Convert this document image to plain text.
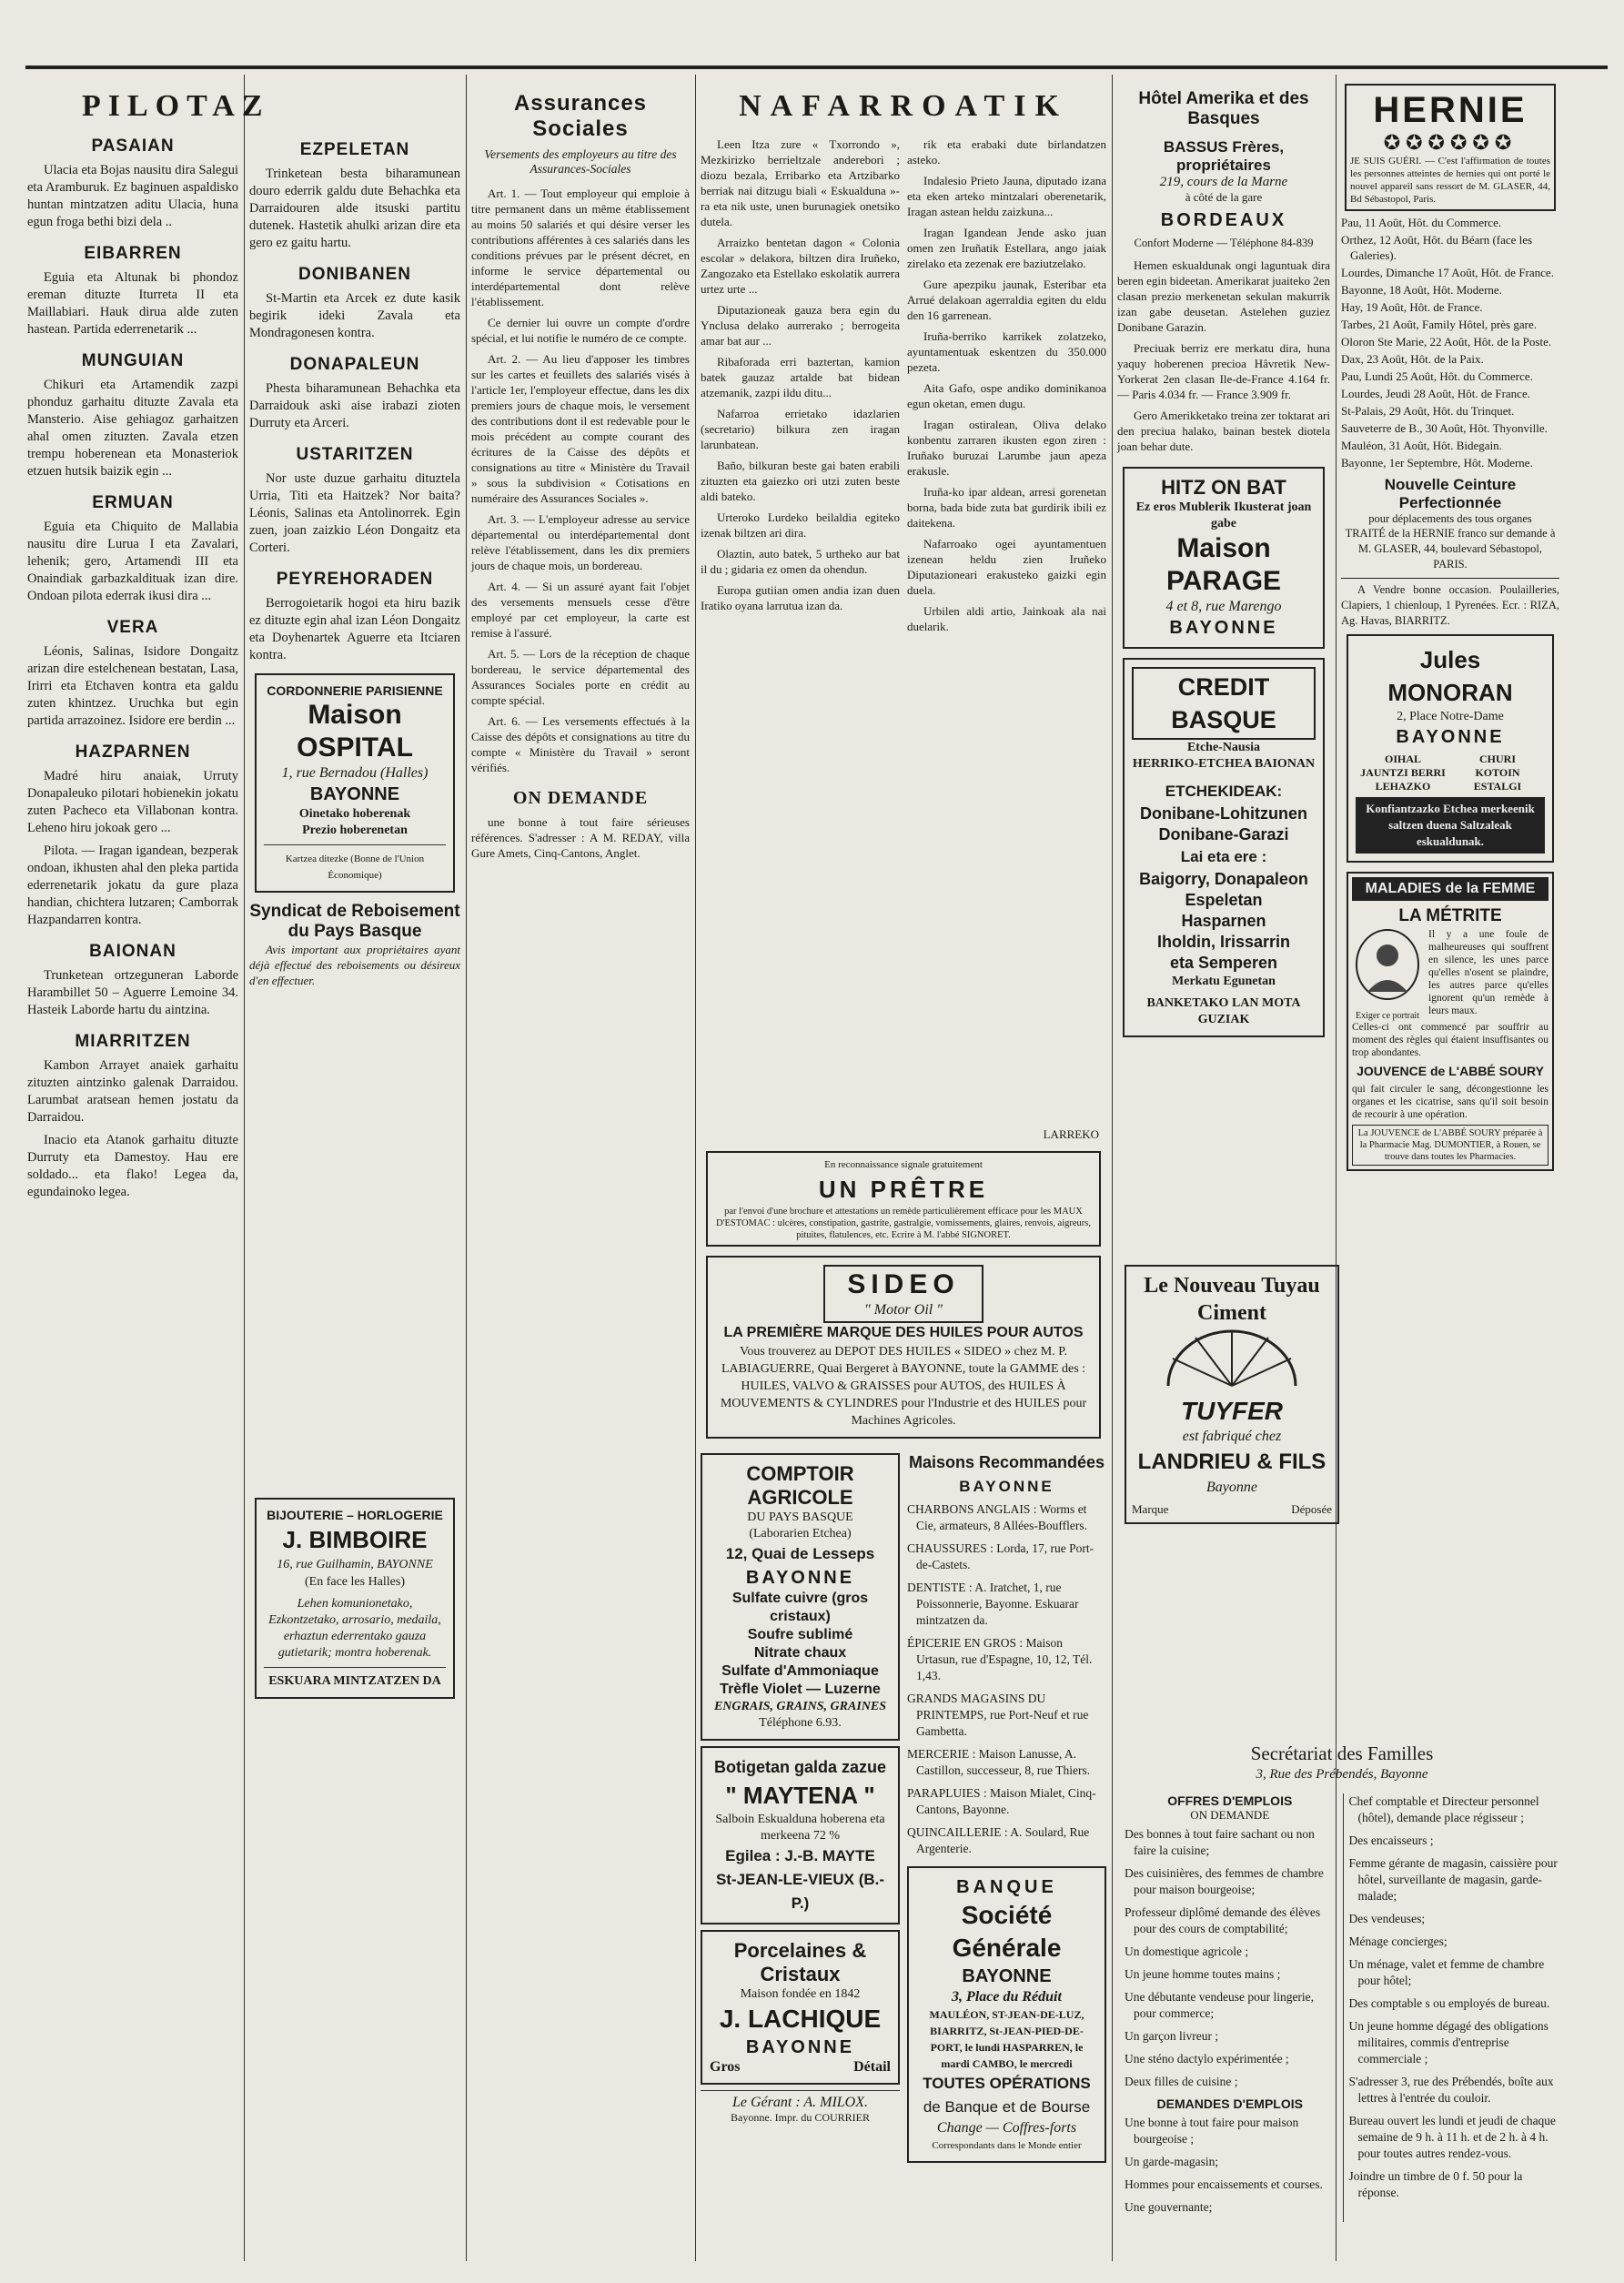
PILOTAZ
PASAIAN

Ulacia eta Bojas nausitu dira Salegui eta Aramburuk. Ez baginuen aspaldisko huntan mintzatzen aditu Ulacia, huna egun froga bethi bizi dela ..

EIBARREN

Eguia eta Altunak bi phondoz ereman dituzte Iturreta II eta Maillabiari. Hauk dirua alde zuten hastean. Partida ederrenetarik ...

MUNGUIAN

Chikuri eta Artamendik zazpi phonduz garhaitu dituzte Zavala eta Mansterio. Aise gehiagoz garhaitzen ahal omen zituzten. Zavala etzen trempu hoberenean eta Monasteriok etzuen hutsik baizik egin ...

ERMUAN

Eguia eta Chiquito de Mallabia nausitu dire Lurua I eta Zavalari, lehenik; gero, Artamendi III eta Onaindiak garbazkaldituak izan dire. Ondoan pilota ederrak ikusi dira ...

VERA

Léonis, Salinas, Isidore Dongaitz arizan dire estelchenean bestatan, Lasa, Irirri eta Etchaven kontra eta galdu zuten khintzez. Uruchka but egin partida arrazoinez. Isidore ere berdin ...

HAZPARNEN

Madré hiru anaiak, Urruty Donapaleuko pilotari hobienekin jokatu zuten Pacheco eta Villabonan kontra. Leheno hiru jokoak gero ...

Pilota. — Iragan igandean, bezperak ondoan, ikhusten ahal den pleka partida ederrenetarik jokatu da gure plaza handian, chichtera lutzaren; Camborrak Hazpandarren kontra.

BAIONAN

Trunketean ortzeguneran Laborde Harambillet 50 – Aguerre Lemoine 34. Hasteik Laborde hartu du aintzina.

MIARRITZEN

Kambon Arrayet anaiek garhaitu zituzten aintzinko galenak Darraidou. Larumbat aratsean hemen jostatu da Darraidou.

Inacio eta Atanok garhaitu dituzte Durruty eta Damestoy. Hau ere soldado... eta flako! Legea da, egundainoko legea.

EZPELETAN

Trinketean besta biharamunean douro ederrik galdu dute Behachka eta Darraidouren alde itsuski partitu dutenek. Hastetik ahulki arizan dire eta gero ez gaitu hartu.

DONIBANEN

St-Martin eta Arcek ez dute kasik begirik ideki Zavala eta Mondragonesen kontra.

DONAPALEUN

Phesta biharamunean Behachka eta Darraidouk aski aise irabazi zioten Durruty eta Arceri.

USTARITZEN

Nor uste duzue garhaitu dituztela Urria, Titi eta Haitzek? Nor baita? Léonis, Salinas eta Antolinorrek. Egin zuen, joan zaizkio Léon Dongaitz eta Corteri.

PEYREHORADEN

Berrogoietarik hogoi eta hiru bazik ez dituzte egin ahal izan Léon Dongaitz eta Doyhenartek Aguerre eta Itciaren kontra.

CORDONNERIE PARISIENNE
Maison OSPITAL
1, rue Bernadou (Halles)
BAYONNE
Oinetako hoberenak
Prezio hoberenetan
Kartzea ditezke (Bonne de l'Union Économique)
Syndicat de Reboisement du Pays Basque

Avis important aux propriétaires ayant déjà effectué des reboisements ou désireux d'en effectuer.

BIJOUTERIE – HORLOGERIE
J. BIMBOIRE
16, rue Guilhamin, BAYONNE
(En face les Halles)
Lehen komunionetako, Ezkontzetako, arrosario, medaila, erhaztun ederrentako gauza gutietarik; montra hoberenak.
ESKUARA MINTZATZEN DA
Assurances Sociales
Versements des employeurs au titre des Assurances-Sociales

Art. 1. — Tout employeur qui emploie à titre permanent dans un même établissement au moins 50 salariés et qui désire verser les contributions afférentes à ces salariés dans les conditions prévues par le présent décret, en informe le service départemental ou interdépartemental dont relève l'établissement.

Ce dernier lui ouvre un compte d'ordre spécial, et lui notifie le numéro de ce compte.

Art. 2. — Au lieu d'apposer les timbres sur les cartes et feuillets des salariés visés à l'article 1er, l'employeur effectue, dans les dix premiers jours de chaque mois, le versement des contributions dont il est redevable pour le mois précédent au compte courant des écritures de la Caisse des dépôts et consignations au titre « Ministère du Travail » sous la subdivision « Cotisations en numéraire des Assurances Sociales ».

Art. 3. — L'employeur adresse au service départemental ou interdépartemental dont relève l'établissement, dans les dix premiers jours de chaque mois, un bordereau.

Art. 4. — Si un assuré ayant fait l'objet des versements mensuels cesse d'être employé par cet employeur, la carte est remise à l'assuré.

Art. 5. — Lors de la réception de chaque bordereau, le service départemental des Assurances Sociales porte en crédit au compte spécial.

Art. 6. — Les versements effectués à la Caisse des dépôts et consignations au titre du compte « Ministère du Travail » seront vérifiés.

ON DEMANDE

une bonne à tout faire sérieuses références. S'adresser : A M. REDAY, villa Gure Amets, Cinq-Cantons, Anglet.

NAFARROATIK

Leen Itza zure « Txorrondo », Mezkirizko berrieltzale anderebori ; diozu bezala, Erribarko eta Artzibarko berriak nai ditzugu biali « Eskualduna »-ra eta nik uste, unen burunagiek onetsiko dutela.

Arraizko bentetan dagon « Colonia escolar » delakora, biltzen dira Iruñeko, Zangozako eta Estellako eskolatik aurrera urtez urte ...

Diputazioneak gauza bera egin du Ynclusa delako aurrerako ; berrogeita amar bat aur ...

Ribaforada erri baztertan, kamion batek gauzaz artalde bat bidean atzemanik, zazpi ildu ditu...

Nafarroa errietako idazlarien (secretario) bilkura zen iragan larunbatean.

Baño, bilkuran beste gai baten erabili zituzten eta gaiezko ori utzi zuten beste aldi bateko.

Urteroko Lurdeko beilaldia egiteko izenak biltzen ari dira.

Olaztin, auto batek, 5 urtheko aur bat il du ; gidaria ez omen da ohendun.

Europa gutiian omen andia izan duen Iratiko oyana larrutua izan da.

rik eta erabaki dute birlandatzen asteko.

Indalesio Prieto Jauna, diputado izana eta eken arteko mintzalari oberenetarik, Iragan astean heldu zaizkuna...

Iragan Igandean Jende asko juan omen zen Iruñatik Estellara, ango jaiak zirelako eta zezenak ere baziutzelako.

Gure apezpiku jaunak, Esteribar eta Arrué delakoan agerraldia egiten du eldu den 16 garrenean.

Iruña-berriko karrikek zolatzeko, ayuntamentuak eskentzen du 350.000 pezeta.

Aita Gafo, ospe andiko dominikanoa egun oketan, emen dugu.

Iragan ostiralean, Oliva delako konbentu zarraren ikusten egon ziren : Iruñako buruzai Larumbe jaun apeza erakusle.

Iruña-ko ipar aldean, arresi gorenetan borna, bada bide zuta bat gurdirik ibili ez daitekena.

Nafarroako ogei ayuntamentuen izenean heldu zien Iruñeko Diputazioneari erakusteko gaizki egin duela.

Urbilen aldi artio, Jainkoak ala nai duelarik.

LARREKO
En reconnaissance signale gratuitement
UN PRÊTRE
par l'envoi d'une brochure et attestations un remède particulièrement efficace pour les MAUX D'ESTOMAC : ulcères, constipation, gastrite, gastralgie, vomissements, glaires, renvois, aigreurs, pituites, flatulences, etc. Ecrire à M. l'abbé SIGNORET.
SIDEO
" Motor Oil "
LA PREMIÈRE MARQUE DES HUILES POUR AUTOS
Vous trouverez au DEPOT DES HUILES « SIDEO » chez M. P. LABIAGUERRE, Quai Bergeret à BAYONNE, toute la GAMME des : HUILES, VALVO & GRAISSES pour AUTOS, des HUILES À MOUVEMENTS & CYLINDRES pour l'Industrie et des HUILES pour Machines Agricoles.
COMPTOIR AGRICOLE
DU PAYS BASQUE
(Laborarien Etchea)
12, Quai de Lesseps
BAYONNE
Sulfate cuivre (gros cristaux)
Soufre sublimé
Nitrate chaux
Sulfate d'Ammoniaque
Trèfle Violet — Luzerne
ENGRAIS, GRAINS, GRAINES
Téléphone 6.93.
Botigetan galda zazue
" MAYTENA "
Salboin Eskualduna hoberena eta merkeena 72 %
Egilea : J.-B. MAYTE
St-JEAN-LE-VIEUX (B.-P.)
Porcelaines & Cristaux
Maison fondée en 1842
J. LACHIQUE
BAYONNE
Gros	Détail
Le Gérant : A. MILOX.
Bayonne. Impr. du COURRIER
Maisons Recommandées
BAYONNE
CHARBONS ANGLAIS : Worms et Cie, armateurs, 8 Allées-Boufflers.
CHAUSSURES : Lorda, 17, rue Port-de-Castets.
DENTISTE : A. Iratchet, 1, rue Poissonnerie, Bayonne. Eskuarar mintzatzen da.
ÉPICERIE EN GROS : Maison Urtasun, rue d'Espagne, 10, 12, Tél. 1,43.
GRANDS MAGASINS DU PRINTEMPS, rue Port-Neuf et rue Gambetta.
MERCERIE : Maison Lanusse, A. Castillon, successeur, 8, rue Thiers.
PARAPLUIES : Maison Mialet, Cinq-Cantons, Bayonne.
QUINCAILLERIE : A. Soulard, Rue Argenterie.
BANQUE
Société Générale
BAYONNE
3, Place du Réduit
MAULÉON, ST-JEAN-DE-LUZ, BIARRITZ, St-JEAN-PIED-DE-PORT, le lundi HASPARREN, le mardi CAMBO, le mercredi
TOUTES OPÉRATIONS
de Banque et de Bourse
Change — Coffres-forts
Correspondants dans le Monde entier
Hôtel Amerika et des Basques
BASSUS Frères, propriétaires
219, cours de la Marne
à côté de la gare
BORDEAUX
Confort Moderne — Téléphone 84-839

Hemen eskualdunak ongi laguntuak dira beren egin bideetan. Amerikarat juaiteko 2en clasan prezio merkenetan sekulan makurrik izan gabe deusetan. Astelehen guziez Donibane Garazin.

Preciuak berriz ere merkatu dira, huna yaquy hoberenen precioa Hâvretik New-Yorkerat 2en clasan Ile-de-France 4.164 fr. — Paris 4.034 fr. — France 3.909 fr.

Gero Amerikketako treina zer toktarat ari den preciua halako, bainan bestek diotela joan behar dute.

HITZ ON BAT
Ez eros Mublerik Ikusterat joan gabe
Maison PARAGE
4 et 8, rue Marengo
BAYONNE
CREDIT BASQUE
Etche-Nausia
HERRIKO-ETCHEA BAIONAN
ETCHEKIDEAK:
Donibane-Lohitzunen
Donibane-Garazi
Lai eta ere :
Baigorry, Donapaleon
Espeletan
Hasparnen
Iholdin, Irissarrin
eta Semperen
Merkatu Egunetan
BANKETAKO LAN MOTA GUZIAK
HERNIE
✪✪✪✪✪✪
JE SUIS GUÉRI. — C'est l'affirmation de toutes les personnes atteintes de hernies qui ont porté le nouvel appareil sans ressort de M. GLASER, 44, Bd Sébastopol, Paris.
Pau, 11 Août, Hôt. du Commerce.
Orthez, 12 Août, Hôt. du Béarn (face les Galeries).
Lourdes, Dimanche 17 Août, Hôt. de France.
Bayonne, 18 Août, Hôt. Moderne.
Hay, 19 Août, Hôt. de France.
Tarbes, 21 Août, Family Hôtel, près gare.
Oloron Ste Marie, 22 Août, Hôt. de la Poste.
Dax, 23 Août, Hôt. de la Paix.
Pau, Lundi 25 Août, Hôt. du Commerce.
Lourdes, Jeudi 28 Août, Hôt. de France.
St-Palais, 29 Août, Hôt. du Trinquet.
Sauveterre de B., 30 Août, Hôt. Thyonville.
Mauléon, 31 Août, Hôt. Bidegain.
Bayonne, 1er Septembre, Hôt. Moderne.
Nouvelle Ceinture Perfectionnée
pour déplacements des tous organes

TRAITÉ de la HERNIE franco sur demande à M. GLASER, 44, boulevard Sébastopol, PARIS.

A Vendre bonne occasion. Poulailleries, Clapiers, 1 chienloup, 1 Pyrenées. Ecr. : RIZA, Ag. Havas, BIARRITZ.

Jules MONORAN
2, Place Notre-Dame
BAYONNE
OIHAL	CHURI
JAUNTZI BERRI	KOTOIN
LEHAZKO	ESTALGI
Konfiantzazko Etchea merkeenik saltzen duena Saltzaleak eskualdunak.
MALADIES de la FEMME
LA MÉTRITE
Exiger ce portrait
Il y a une foule de malheureuses qui souffrent en silence, les unes parce qu'elles n'osent se plaindre, les autres parce qu'elles ignorent qu'un remède à leurs maux.
Celles-ci ont commencé par souffrir au moment des règles qui étaient insuffisantes ou trop abondantes.
JOUVENCE de L'ABBÉ SOURY
qui fait circuler le sang, décongestionne les organes et les cicatrise, sans qu'il soit besoin de recourir à une opération.
La JOUVENCE de L'ABBÉ SOURY préparée à la Pharmacie Mag. DUMONTIER, à Rouen, se trouve dans toutes les Pharmacies.
Le Nouveau Tuyau Ciment
TUYFER
est fabriqué chez
LANDRIEU & FILS
Bayonne
Marque	Déposée
Secrétariat des Familles
3, Rue des Prébendés, Bayonne
OFFRES D'EMPLOIS
ON DEMANDE
Des bonnes à tout faire sachant ou non faire la cuisine;
Des cuisinières, des femmes de chambre pour maison bourgeoise;
Professeur diplômé demande des élèves pour des cours de comptabilité;
Un domestique agricole ;
Un jeune homme toutes mains ;
Une débutante vendeuse pour lingerie, pour commerce;
Un garçon livreur ;
Une sténo dactylo expérimentée ;
Deux filles de cuisine ;
DEMANDES D'EMPLOIS
Une bonne à tout faire pour maison bourgeoise ;
Un garde-magasin;
Hommes pour encaissements et courses.
Une gouvernante;
Chef comptable et Directeur personnel (hôtel), demande place régisseur ;
Des encaisseurs ;
Femme gérante de magasin, caissière pour hôtel, surveillante de magasin, garde-malade;
Des vendeuses;
Ménage concierges;
Un ménage, valet et femme de chambre pour hôtel;
Des comptable s ou employés de bureau.
Un jeune homme dégagé des obligations militaires, commis d'entreprise commerciale ;
S'adresser 3, rue des Prébendés, boîte aux lettres à l'entrée du couloir.
Bureau ouvert les lundi et jeudi de chaque semaine de 9 h. à 11 h. et de 2 h. à 4 h. pour toutes autres rendez-vous.
Joindre un timbre de 0 f. 50 pour la réponse.
